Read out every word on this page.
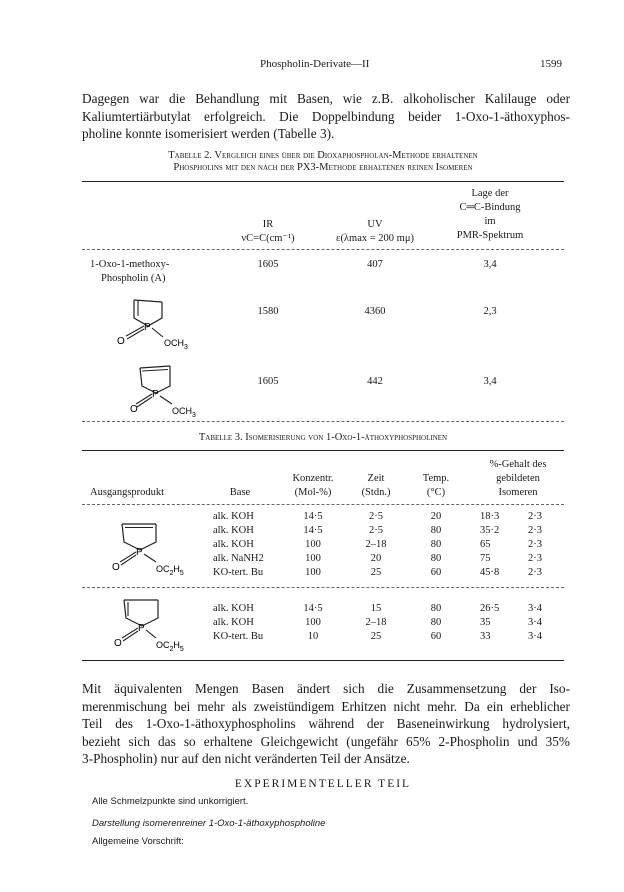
Phospholin-Derivate—II	1599
Dagegen war die Behandlung mit Basen, wie z.B. alkoholischer Kalilauge oder
Kaliumtertiärbutylat erfolgreich. Die Doppelbindung beider 1-Oxo-1-äthoxyphos-
pholine konnte isomerisiert werden (Tabelle 3).
Tabelle 2. Vergleich eines über die Dioxaphospholan-Methode erhaltenen
Phospholins mit den nach der PX3-Methode erhaltenen reinen Isomeren
IR
νC=C(cm⁻¹)
UV
ε(λmax = 200 mμ)
Lage der
C═C-Bindung
im
PMR-Spektrum
1-Oxo-1-methoxy-
Phospholin (A)
1605	407	3,4
P
O	$OCH_3$
1580	4360	2,3
P
O	$OCH_3$
1605	442	3,4
Tabelle 3. Isomerisierung von 1-Oxo-1-äthoxyphospholinen
Ausgangsprodukt	Base
Konzentr.
(Mol-%)
Zeit
(Stdn.)
Temp.
(°C)
%-Gehalt des
gebildeten
Isomeren
P
O	$OC_2H_5$
alk. KOH	14·5	2·5	20	18·3	2·3
alk. KOH	14·5	2·5	80	35·2	2·3
alk. KOH	100	2–18	80	65	2·3
alk. NaNH2	100	20	80	75	2·3
KO-tert. Bu	100	25	60	45·8	2·3
P
O	$OC_2H_5$
alk. KOH	14·5	15	80	26·5	3·4
alk. KOH	100	2–18	80	35	3·4
KO-tert. Bu	10	25	60	33	3·4
Mit äquivalenten Mengen Basen ändert sich die Zusammensetzung der Iso-
merenmischung bei mehr als zweistündigem Erhitzen nicht mehr. Da ein erheblicher
Teil des 1-Oxo-1-äthoxyphospholins während der Baseneinwirkung hydrolysiert,
bezieht sich das so erhaltene Gleichgewicht (ungefähr 65% 2-Phospholin und 35%
3-Phospholin) nur auf den nicht veränderten Teil der Ansätze.
EXPERIMENTELLER TEIL
Alle Schmelzpunkte sind unkorrigiert.
Darstellung isomerenreiner 1-Oxo-1-äthoxyphospholine
Allgemeine Vorschrift:
